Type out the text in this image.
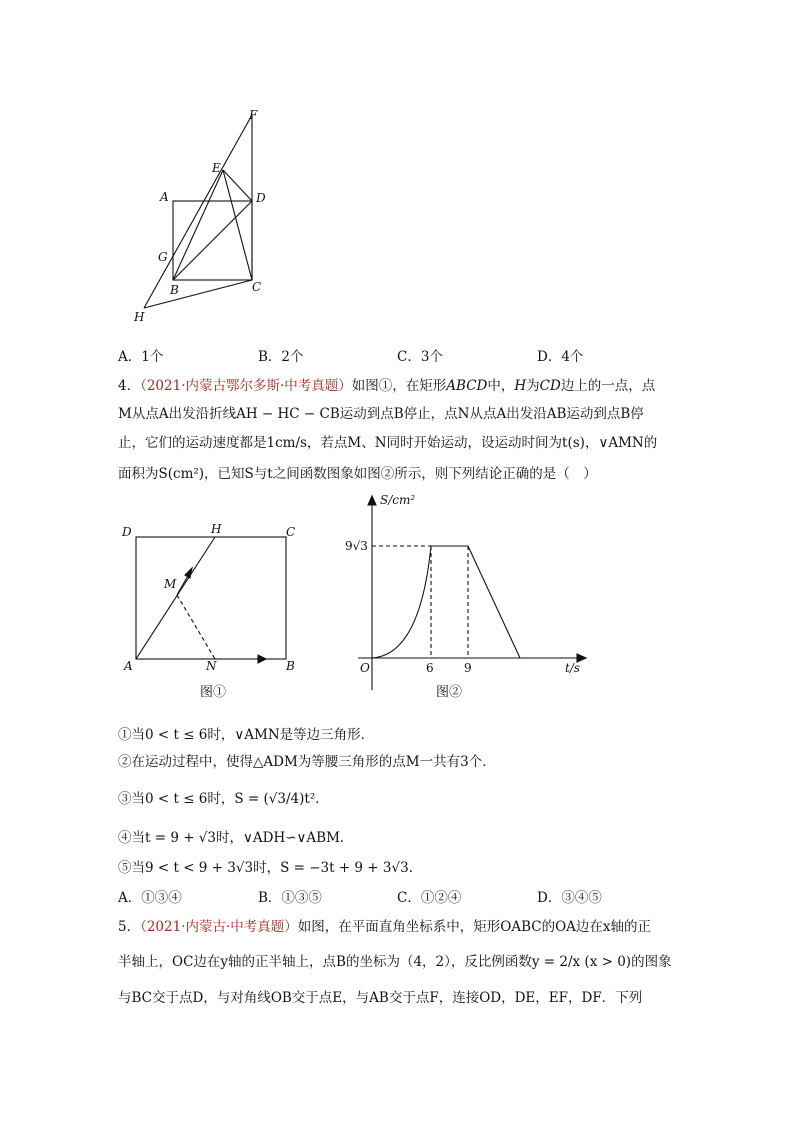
F
E
A	D
G
B	C
H
A．1个	B．2个	C．3个	D．4个
4．（2021·内蒙古鄂尔多斯·中考真题）如图①，在矩形ABCD中，H为CD边上的一点，点
M从点A出发沿折线AH − HC − CB运动到点B停止，点N从点A出发沿AB运动到点B停
止，它们的运动速度都是1cm/s，若点M、N同时开始运动，设运动时间为t(s)，∨AMN的
面积为S(cm²)，已知S与t之间函数图象如图②所示，则下列结论正确的是（　）
D	H	C
M
A	N	B
图①
S/cm²
9√3
O	6	9	t/s
图②
①当0 < t ≤ 6时，∨AMN是等边三角形．
②在运动过程中，使得△ADM为等腰三角形的点M一共有3个．
③当0 < t ≤ 6时，S = (√3/4)t²．
④当t = 9 + √3时，∨ADH∽∨ABM．
⑤当9 < t < 9 + 3√3时，S = −3t + 9 + 3√3．
A．①③④	B．①③⑤	C．①②④	D．③④⑤
5．（2021·内蒙古·中考真题）如图，在平面直角坐标系中，矩形OABC的OA边在x轴的正
半轴上，OC边在y轴的正半轴上，点B的坐标为（4，2），反比例函数y = 2/x (x > 0)的图象
与BC交于点D，与对角线OB交于点E，与AB交于点F，连接OD，DE，EF，DF．下列
